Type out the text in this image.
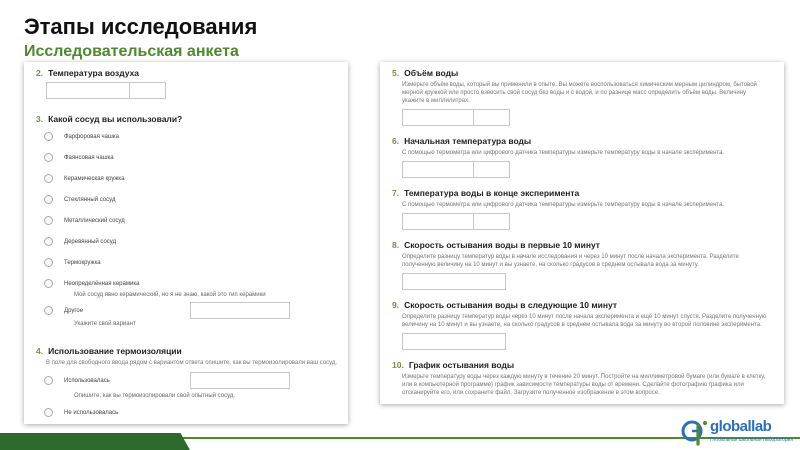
Этапы исследования
Исследовательская анкета
2. Температура воздуха
3. Какой сосуд вы использовали?
Фарфоровая чашка
Фаянсовая чашка
Керамическая кружка
Стеклянный сосуд
Металлический сосуд
Деревянный сосуд
Термокружка
Неопределённая керамика
Мой сосуд явно керамический, но я не знаю, какой это тип керамики
Другое
Укажите свой вариант
4. Использование термоизоляции
В поле для свободного ввода рядом с вариантом ответа опишите, как вы термоизолировали ваш сосуд.
Использовалась
Опишите, как вы термоизолировали свой опытный сосуд.
Не использовалась
5. Объём воды
Измерьте объём воды, который вы применили в опыте. Вы можете воспользоваться химическим мерным цилиндром, бытовой мерной кружкой или просто взвесить свой сосуд без воды и с водой, и по разнице масс определить объём воды. Величину укажите в миллилитрах.
6. Начальная температура воды
С помощью термометра или цифрового датчика температуры измерьте температуру воды в начале эксперимента.
7. Температура воды в конце эксперимента
С помощью термометра или цифрового датчика температуры измерьте температуру воды в начале эксперимента.
8. Скорость остывания воды в первые 10 минут
Определите разницу температур воды в начале исследования и через 10 минут после начала эксперимента. Разделите полученную величину на 10 минут и вы узнаете, на сколько градусов в среднем остывала вода за минуту.
9. Скорость остывания воды в следующие 10 минут
Определите разницу температур воды через 10 минут после начала эксперимента и ещё 10 минут спустя. Разделите полученную величину на 10 минут и вы узнаете, на сколько градусов в среднем остывала вода за минуту во второй половине эксперимента.
10. График остывания воды
Измерьте температуру воды через каждую минуту в течение 20 минут. Постройте на миллиметровой бумаге (или бумаге в клетку, или в компьютерной программе) график зависимости температуры воды от времени. Сделайте фотографию графика или отсканируйте его, или сохраните файл. Загрузите полученное изображение в этом вопросе.
globallab
Глобальная школьная лаборатория
